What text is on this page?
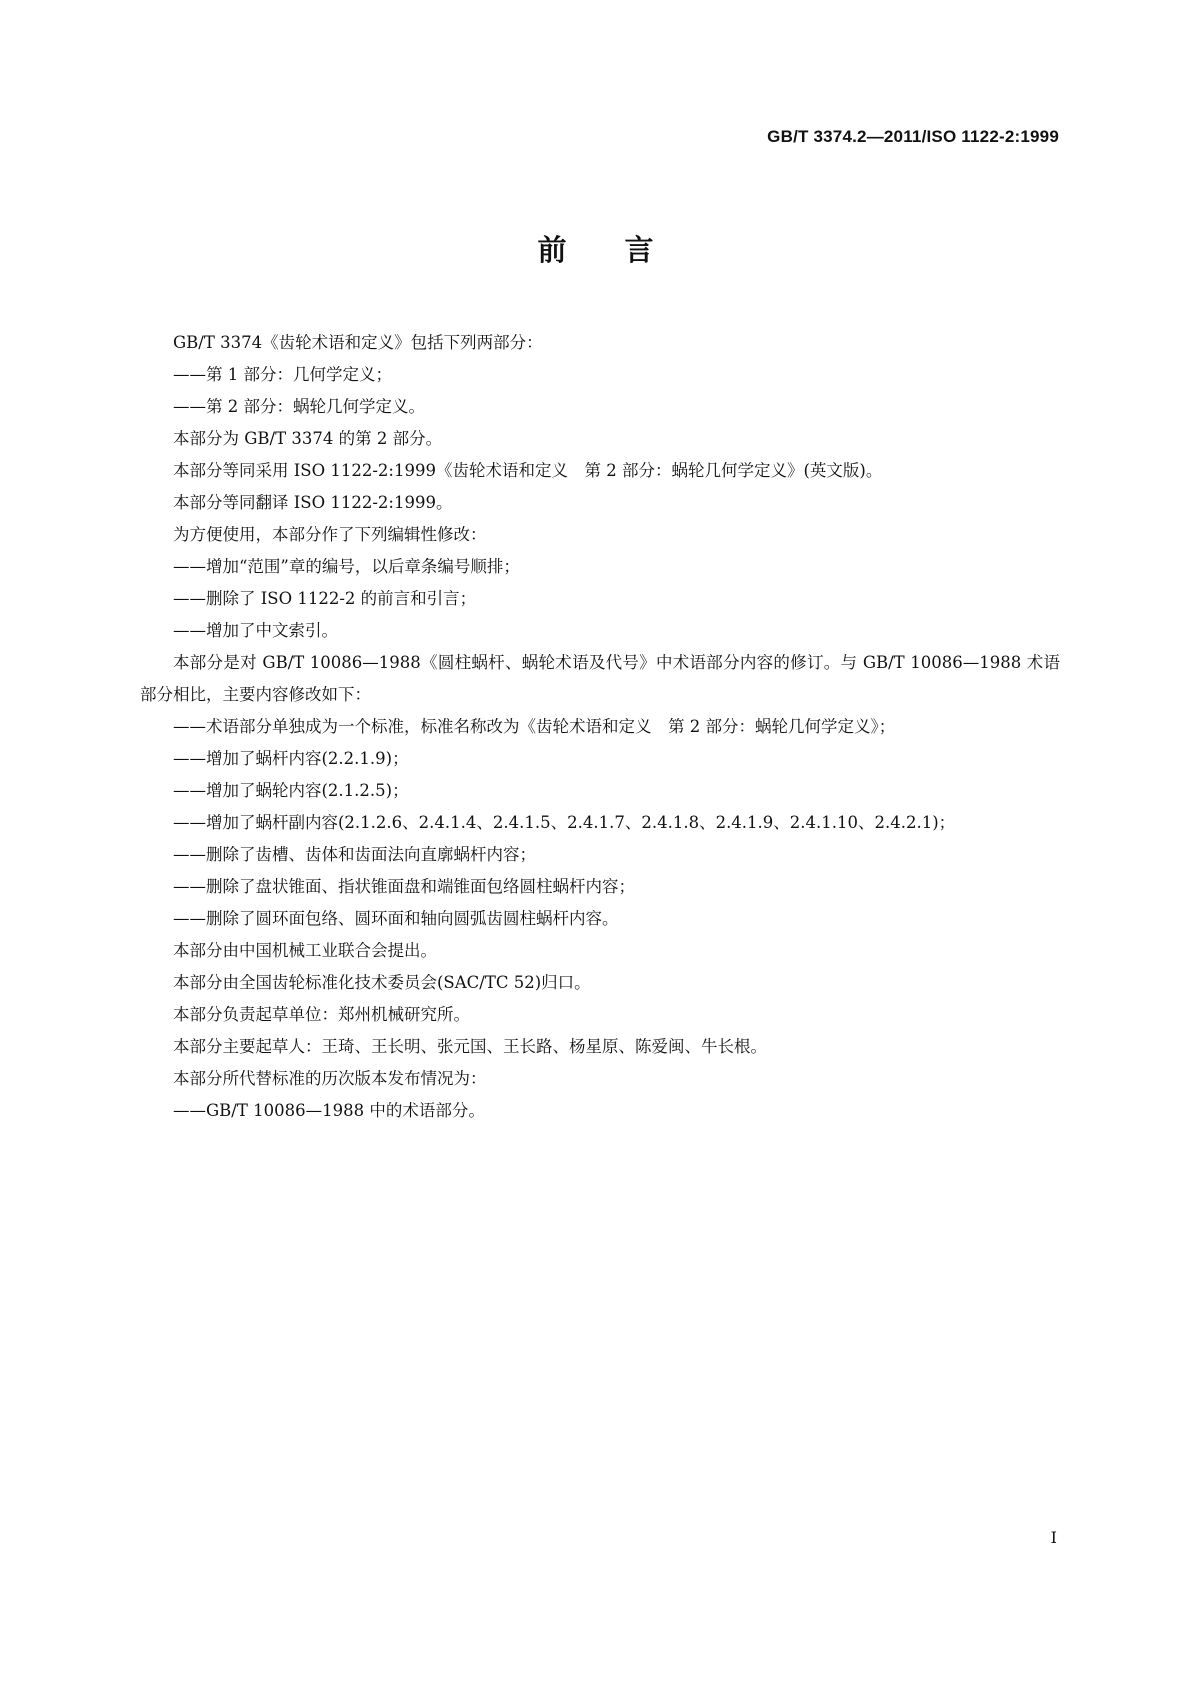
GB/T 3374.2—2011/ISO 1122-2:1999
前　　言

GB/T 3374《齿轮术语和定义》包括下列两部分：

——第 1 部分：几何学定义；

——第 2 部分：蜗轮几何学定义。

本部分为 GB/T 3374 的第 2 部分。

本部分等同采用 ISO 1122-2:1999《齿轮术语和定义　第 2 部分：蜗轮几何学定义》(英文版)。

本部分等同翻译 ISO 1122-2:1999。

为方便使用，本部分作了下列编辑性修改：

——增加“范围”章的编号，以后章条编号顺排；

——删除了 ISO 1122-2 的前言和引言；

——增加了中文索引。

本部分是对 GB/T 10086—1988《圆柱蜗杆、蜗轮术语及代号》中术语部分内容的修订。与 GB/T 10086—1988 术语部分相比，主要内容修改如下：

——术语部分单独成为一个标准，标准名称改为《齿轮术语和定义　第 2 部分：蜗轮几何学定义》；

——增加了蜗杆内容(2.2.1.9)；

——增加了蜗轮内容(2.1.2.5)；

——增加了蜗杆副内容(2.1.2.6、2.4.1.4、2.4.1.5、2.4.1.7、2.4.1.8、2.4.1.9、2.4.1.10、2.4.2.1)；

——删除了齿槽、齿体和齿面法向直廓蜗杆内容；

——删除了盘状锥面、指状锥面盘和端锥面包络圆柱蜗杆内容；

——删除了圆环面包络、圆环面和轴向圆弧齿圆柱蜗杆内容。

本部分由中国机械工业联合会提出。

本部分由全国齿轮标准化技术委员会(SAC/TC 52)归口。

本部分负责起草单位：郑州机械研究所。

本部分主要起草人：王琦、王长明、张元国、王长路、杨星原、陈爱闽、牛长根。

本部分所代替标准的历次版本发布情况为：

——GB/T 10086—1988 中的术语部分。

I
